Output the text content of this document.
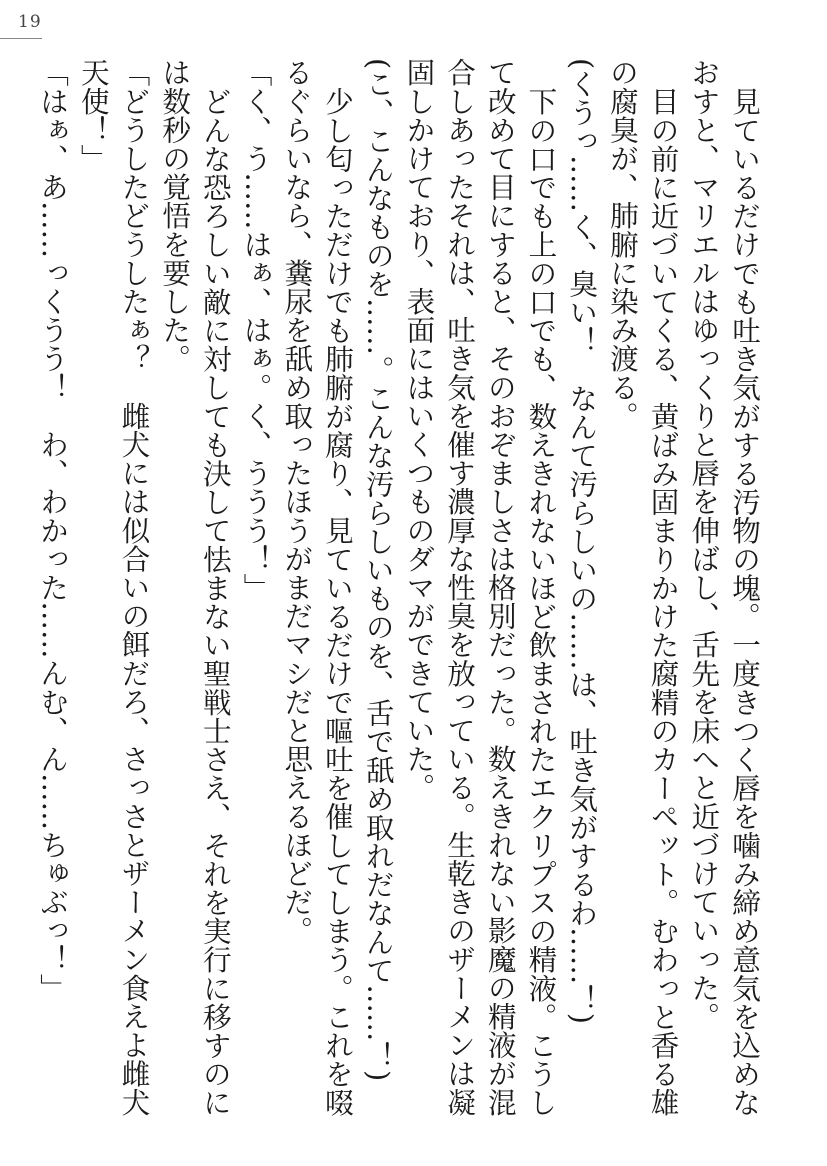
19

見ているだけでも吐き気がする汚物の塊。一度きつく唇を噛み締め意気を込めなおすと、マリエルはゆっくりと唇を伸ばし、舌先を床へと近づけていった。

目の前に近づいてくる、黄ばみ固まりかけた腐精のカーペット。むわっと香る雄の腐臭が、肺腑に染み渡る。

(くうっ……く、臭い！　なんて汚らしいの……は、吐き気がするわ……！)

下の口でも上の口でも、数えきれないほど飲まされたエクリプスの精液。こうして改めて目にすると、そのおぞましさは格別だった。数えきれない影魔の精液が混合しあったそれは、吐き気を催す濃厚な性臭を放っている。生乾きのザーメンは凝固しかけており、表面にはいくつものダマができていた。

(こ、こんなものを……。こんな汚らしいものを、舌で舐め取れだなんて……！)

少し匂っただけでも肺腑が腐り、見ているだけで嘔吐を催してしまう。これを啜るぐらいなら、糞尿を舐め取ったほうがまだマシだと思えるほどだ。

「く、う……はぁ、はぁ。く、ううう！」

どんな恐ろしい敵に対しても決して怯まない聖戦士さえ、それを実行に移すのには数秒の覚悟を要した。

「どうしたどうしたぁ？　雌犬には似合いの餌だろ、さっさとザーメン食えよ雌犬天使！」

「はぁ、あ……っくうう！　わ、わかった……んむ、ん……ちゅぶっ！」
